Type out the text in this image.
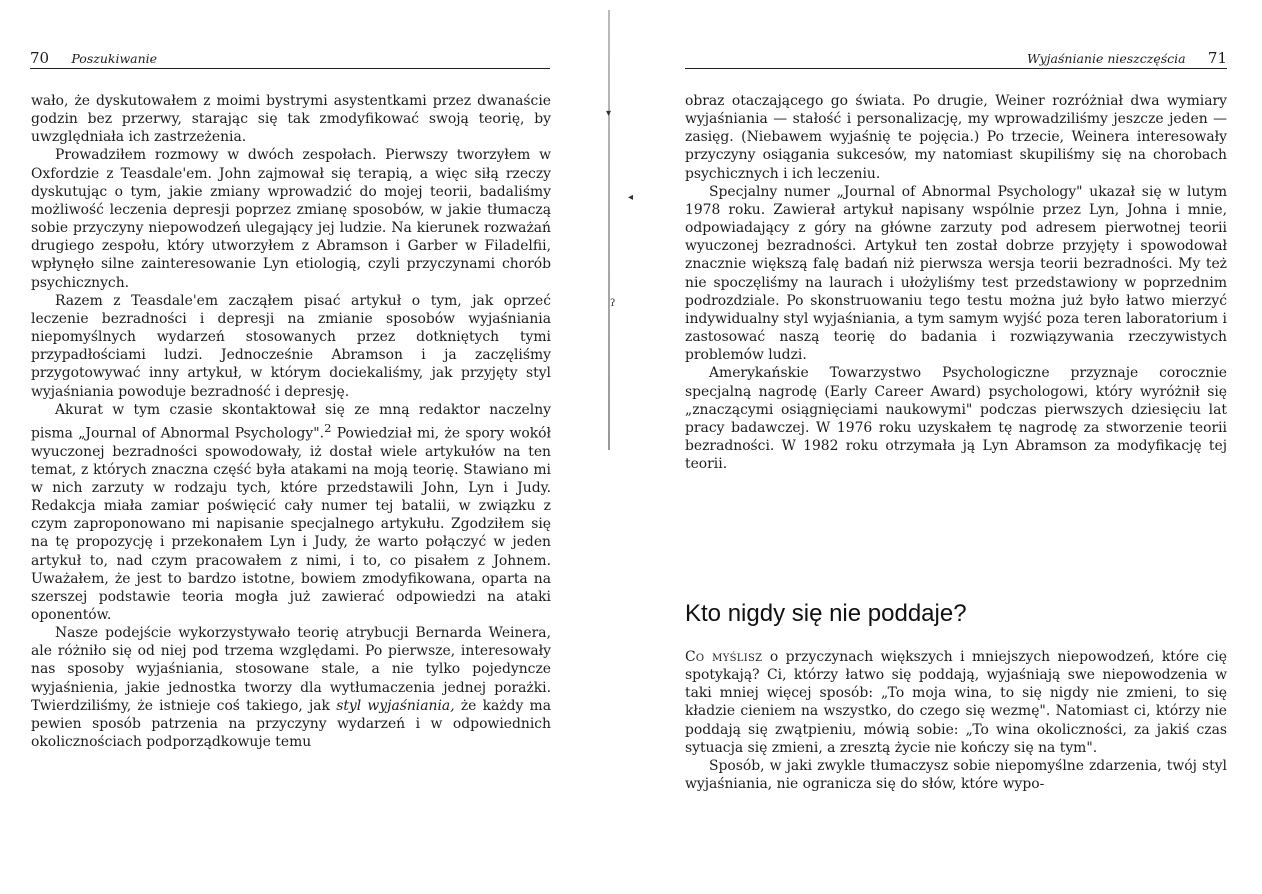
▾
◂
ʔ
70 Poszukiwanie

wało, że dyskutowałem z moimi bystrymi asystentkami przez dwanaście godzin bez przerwy, starając się tak zmodyfikować swoją teorię, by uwzględniała ich zastrzeżenia.

Prowadziłem rozmowy w dwóch zespołach. Pierwszy tworzyłem w Oxfordzie z Teasdale'em. John zajmował się terapią, a więc siłą rzeczy dyskutując o tym, jakie zmiany wprowadzić do mojej teorii, badaliśmy możliwość leczenia depresji poprzez zmianę sposobów, w jakie tłumaczą sobie przyczyny niepowodzeń ulegający jej ludzie. Na kierunek rozważań drugiego zespołu, który utworzyłem z Abramson i Garber w Filadelfii, wpłynęło silne zainteresowanie Lyn etiologią, czyli przyczynami chorób psychicznych.

Razem z Teasdale'em zacząłem pisać artykuł o tym, jak oprzeć leczenie bezradności i depresji na zmianie sposobów wyjaśniania niepomyślnych wydarzeń stosowanych przez dotkniętych tymi przypadłościami ludzi. Jednocześnie Abramson i ja zaczęliśmy przygotowywać inny artykuł, w którym dociekaliśmy, jak przyjęty styl wyjaśniania powoduje bezradność i depresję.

Akurat w tym czasie skontaktował się ze mną redaktor naczelny pisma „Journal of Abnormal Psychology".$^2$ Powiedział mi, że spory wokół wyuczonej bezradności spowodowały, iż dostał wiele artykułów na ten temat, z których znaczna część była atakami na moją teorię. Stawiano mi w nich zarzuty w rodzaju tych, które przedstawili John, Lyn i Judy. Redakcja miała zamiar poświęcić cały numer tej batalii, w związku z czym zaproponowano mi napisanie specjalnego artykułu. Zgodziłem się na tę propozycję i przekonałem Lyn i Judy, że warto połączyć w jeden artykuł to, nad czym pracowałem z nimi, i to, co pisałem z Johnem. Uważałem, że jest to bardzo istotne, bowiem zmodyfikowana, oparta na szerszej podstawie teoria mogła już zawierać odpowiedzi na ataki oponentów.

Nasze podejście wykorzystywało teorię atrybucji Bernarda Weinera, ale różniło się od niej pod trzema względami. Po pierwsze, interesowały nas sposoby wyjaśniania, stosowane stale, a nie tylko pojedyncze wyjaśnienia, jakie jednostka tworzy dla wytłumaczenia jednej porażki. Twierdziliśmy, że istnieje coś takiego, jak styl wyjaśniania, że każdy ma pewien sposób patrzenia na przyczyny wydarzeń i w odpowiednich okolicznościach podporządkowuje temu

Wyjaśnianie nieszczęścia 71

obraz otaczającego go świata. Po drugie, Weiner rozróżniał dwa wymiary wyjaśniania — stałość i personalizację, my wprowadziliśmy jeszcze jeden — zasięg. (Niebawem wyjaśnię te pojęcia.) Po trzecie, Weinera interesowały przyczyny osiągania sukcesów, my natomiast skupiliśmy się na chorobach psychicznych i ich leczeniu.

Specjalny numer „Journal of Abnormal Psychology" ukazał się w lutym 1978 roku. Zawierał artykuł napisany wspólnie przez Lyn, Johna i mnie, odpowiadający z góry na główne zarzuty pod adresem pierwotnej teorii wyuczonej bezradności. Artykuł ten został dobrze przyjęty i spowodował znacznie większą falę badań niż pierwsza wersja teorii bezradności. My też nie spoczęliśmy na laurach i ułożyliśmy test przedstawiony w poprzednim podrozdziale. Po skonstruowaniu tego testu można już było łatwo mierzyć indywidualny styl wyjaśniania, a tym samym wyjść poza teren laboratorium i zastosować naszą teorię do badania i rozwiązywania rzeczywistych problemów ludzi.

Amerykańskie Towarzystwo Psychologiczne przyznaje corocznie specjalną nagrodę (Early Career Award) psychologowi, który wyróżnił się „znaczącymi osiągnięciami naukowymi" podczas pierwszych dziesięciu lat pracy badawczej. W 1976 roku uzyskałem tę nagrodę za stworzenie teorii bezradności. W 1982 roku otrzymała ją Lyn Abramson za modyfikację tej teorii.

Kto nigdy się nie poddaje?

Co myślisz o przyczynach większych i mniejszych niepowodzeń, które cię spotykają? Ci, którzy łatwo się poddają, wyjaśniają swe niepowodzenia w taki mniej więcej sposób: „To moja wina, to się nigdy nie zmieni, to się kładzie cieniem na wszystko, do czego się wezmę". Natomiast ci, którzy nie poddają się zwątpieniu, mówią sobie: „To wina okoliczności, za jakiś czas sytuacja się zmieni, a zresztą życie nie kończy się na tym".

Sposób, w jaki zwykle tłumaczysz sobie niepomyślne zdarzenia, twój styl wyjaśniania, nie ogranicza się do słów, które wypo-
